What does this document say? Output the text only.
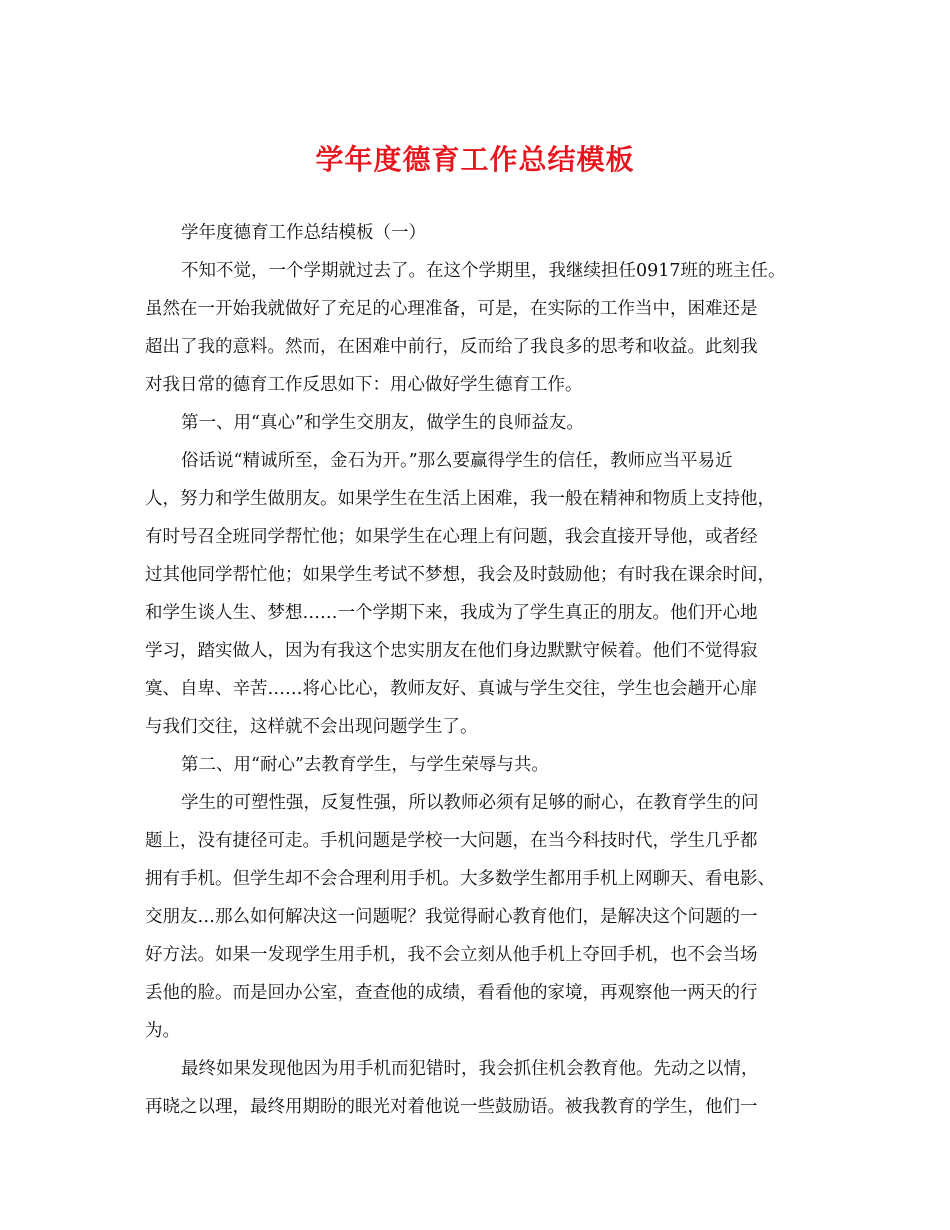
学年度德育工作总结模板

学年度德育工作总结模板（一）

不知不觉，一个学期就过去了。在这个学期里，我继续担任0917班的班主任。

虽然在一开始我就做好了充足的心理准备，可是，在实际的工作当中，困难还是

超出了我的意料。然而，在困难中前行，反而给了我良多的思考和收益。此刻我

对我日常的德育工作反思如下：用心做好学生德育工作。

第一、用“真心”和学生交朋友，做学生的良师益友。

俗话说“精诚所至，金石为开。”那么要赢得学生的信任，教师应当平易近

人，努力和学生做朋友。如果学生在生活上困难，我一般在精神和物质上支持他，

有时号召全班同学帮忙他；如果学生在心理上有问题，我会直接开导他，或者经

过其他同学帮忙他；如果学生考试不梦想，我会及时鼓励他；有时我在课余时间，

和学生谈人生、梦想……一个学期下来，我成为了学生真正的朋友。他们开心地

学习，踏实做人，因为有我这个忠实朋友在他们身边默默守候着。他们不觉得寂

寞、自卑、辛苦……将心比心，教师友好、真诚与学生交往，学生也会趟开心扉

与我们交往，这样就不会出现问题学生了。

第二、用“耐心”去教育学生，与学生荣辱与共。

学生的可塑性强，反复性强，所以教师必须有足够的耐心，在教育学生的问

题上，没有捷径可走。手机问题是学校一大问题，在当今科技时代，学生几乎都

拥有手机。但学生却不会合理利用手机。大多数学生都用手机上网聊天、看电影、

交朋友…那么如何解决这一问题呢？我觉得耐心教育他们，是解决这个问题的一

好方法。如果一发现学生用手机，我不会立刻从他手机上夺回手机，也不会当场

丢他的脸。而是回办公室，查查他的成绩，看看他的家境，再观察他一两天的行

为。

最终如果发现他因为用手机而犯错时，我会抓住机会教育他。先动之以情，

再晓之以理，最终用期盼的眼光对着他说一些鼓励语。被我教育的学生，他们一
